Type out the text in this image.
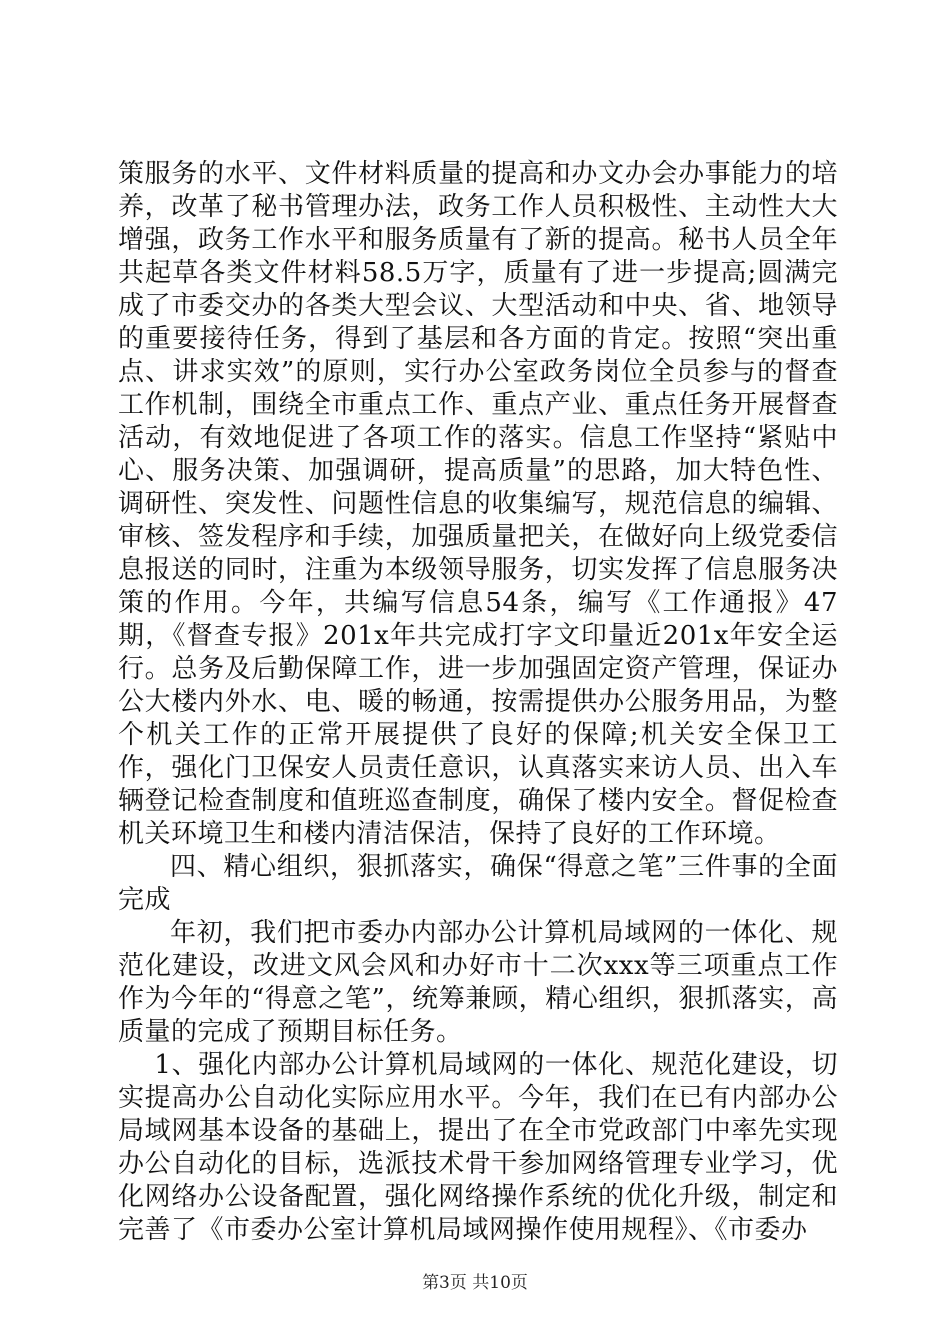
策服务的水平、文件材料质量的提高和办文办会办事能力的培养，改革了秘书管理办法，政务工作人员积极性、主动性大大增强，政务工作水平和服务质量有了新的提高。秘书人员全年共起草各类文件材料58.5万字，质量有了进一步提高;圆满完成了市委交办的各类大型会议、大型活动和中央、省、地领导的重要接待任务，得到了基层和各方面的肯定。按照“突出重点、讲求实效”的原则，实行办公室政务岗位全员参与的督查工作机制，围绕全市重点工作、重点产业、重点任务开展督查活动，有效地促进了各项工作的落实。信息工作坚持“紧贴中心、服务决策、加强调研，提高质量”的思路，加大特色性、调研性、突发性、问题性信息的收集编写，规范信息的编辑、审核、签发程序和手续，加强质量把关，在做好向上级党委信息报送的同时，注重为本级领导服务，切实发挥了信息服务决策的作用。今年，共编写信息54条，编写《工作通报》47期，《督查专报》201x年共完成打字文印量近201x年安全运行。总务及后勤保障工作，进一步加强固定资产管理，保证办公大楼内外水、电、暖的畅通，按需提供办公服务用品，为整个机关工作的正常开展提供了良好的保障;机关安全保卫工作，强化门卫保安人员责任意识，认真落实来访人员、出入车辆登记检查制度和值班巡查制度，确保了楼内安全。督促检查机关环境卫生和楼内清洁保洁，保持了良好的工作环境。

四、精心组织，狠抓落实，确保“得意之笔”三件事的全面完成

年初，我们把市委办内部办公计算机局域网的一体化、规范化建设，改进文风会风和办好市十二次xxx等三项重点工作作为今年的“得意之笔”，统筹兼顾，精心组织，狠抓落实，高质量的完成了预期目标任务。

1、强化内部办公计算机局域网的一体化、规范化建设，切实提高办公自动化实际应用水平。今年，我们在已有内部办公局域网基本设备的基础上，提出了在全市党政部门中率先实现办公自动化的目标，选派技术骨干参加网络管理专业学习，优化网络办公设备配置，强化网络操作系统的优化升级，制定和完善了《市委办公室计算机局域网操作使用规程》、《市委办

第3页 共10页
